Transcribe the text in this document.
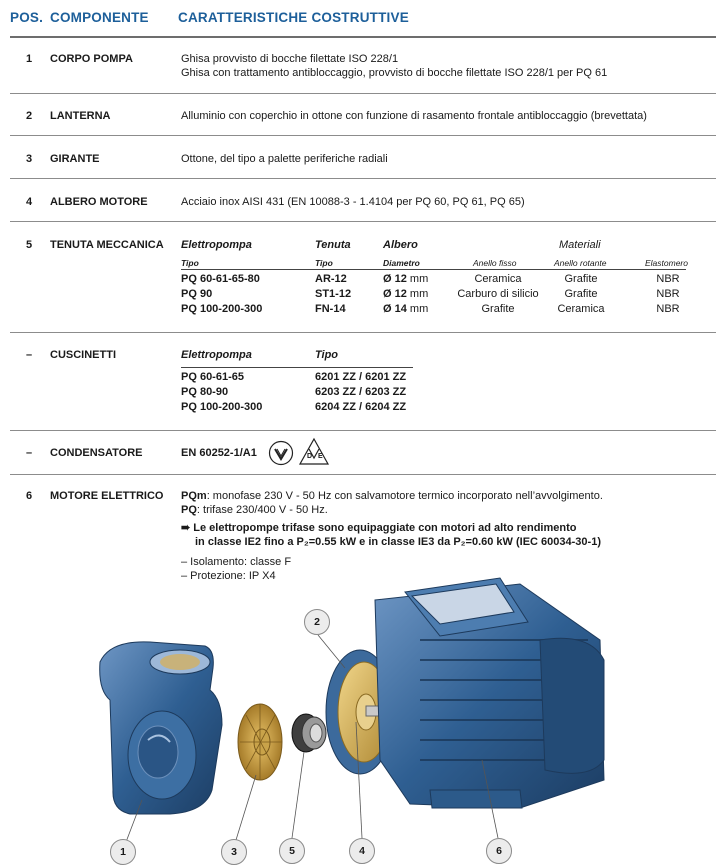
POS. COMPONENTE CARATTERISTICHE COSTRUTTIVE
1 CORPO POMPA	Ghisa provvisto di bocche filettate ISO 228/1
Ghisa con trattamento antibloccaggio, provvisto di bocche filettate ISO 228/1 per PQ 61
2 LANTERNA	Alluminio con coperchio in ottone con funzione di rasamento frontale antibloccaggio (brevettata)
3 GIRANTE	Ottone, del tipo a palette periferiche radiali
4 ALBERO MOTORE	Acciaio inox AISI 431 (EN 10088-3 - 1.4104 per PQ 60, PQ 61, PQ 65)
5 TENUTA MECCANICA Elettropompa	Tenuta	Albero	Materiali
Tipo	Tipo	Diametro	Anello fisso	Anello rotante	Elastomero
PQ 60-61-65-80	AR-12	Ø 12 mm	Ceramica	Grafite	NBR
PQ 90	ST1-12	Ø 12 mm	Carburo di silicio	Grafite	NBR
PQ 100-200-300	FN-14	Ø 14 mm	Grafite	Ceramica	NBR
– CUSCINETTI	Elettropompa	Tipo
PQ 60-61-65	6201 ZZ / 6201 ZZ
PQ 80-90	6203 ZZ / 6203 ZZ
PQ 100-200-300	6204 ZZ / 6204 ZZ
– CONDENSATORE	EN 60252-1/A1	D E
6 MOTORE ELETTRICO PQm: monofase 230 V - 50 Hz con salvamotore termico incorporato nell’avvolgimento.
PQ: trifase 230/400 V - 50 Hz.
➠ Le elettropompe trifase sono equipaggiate con motori ad alto rendimento
in classe IE2 fino a P₂=0.55 kW e in classe IE3 da P₂=0.60 kW (IEC 60034-30-1)
– Isolamento: classe F
– Protezione: IP X4
1
2
3	5	4	6
